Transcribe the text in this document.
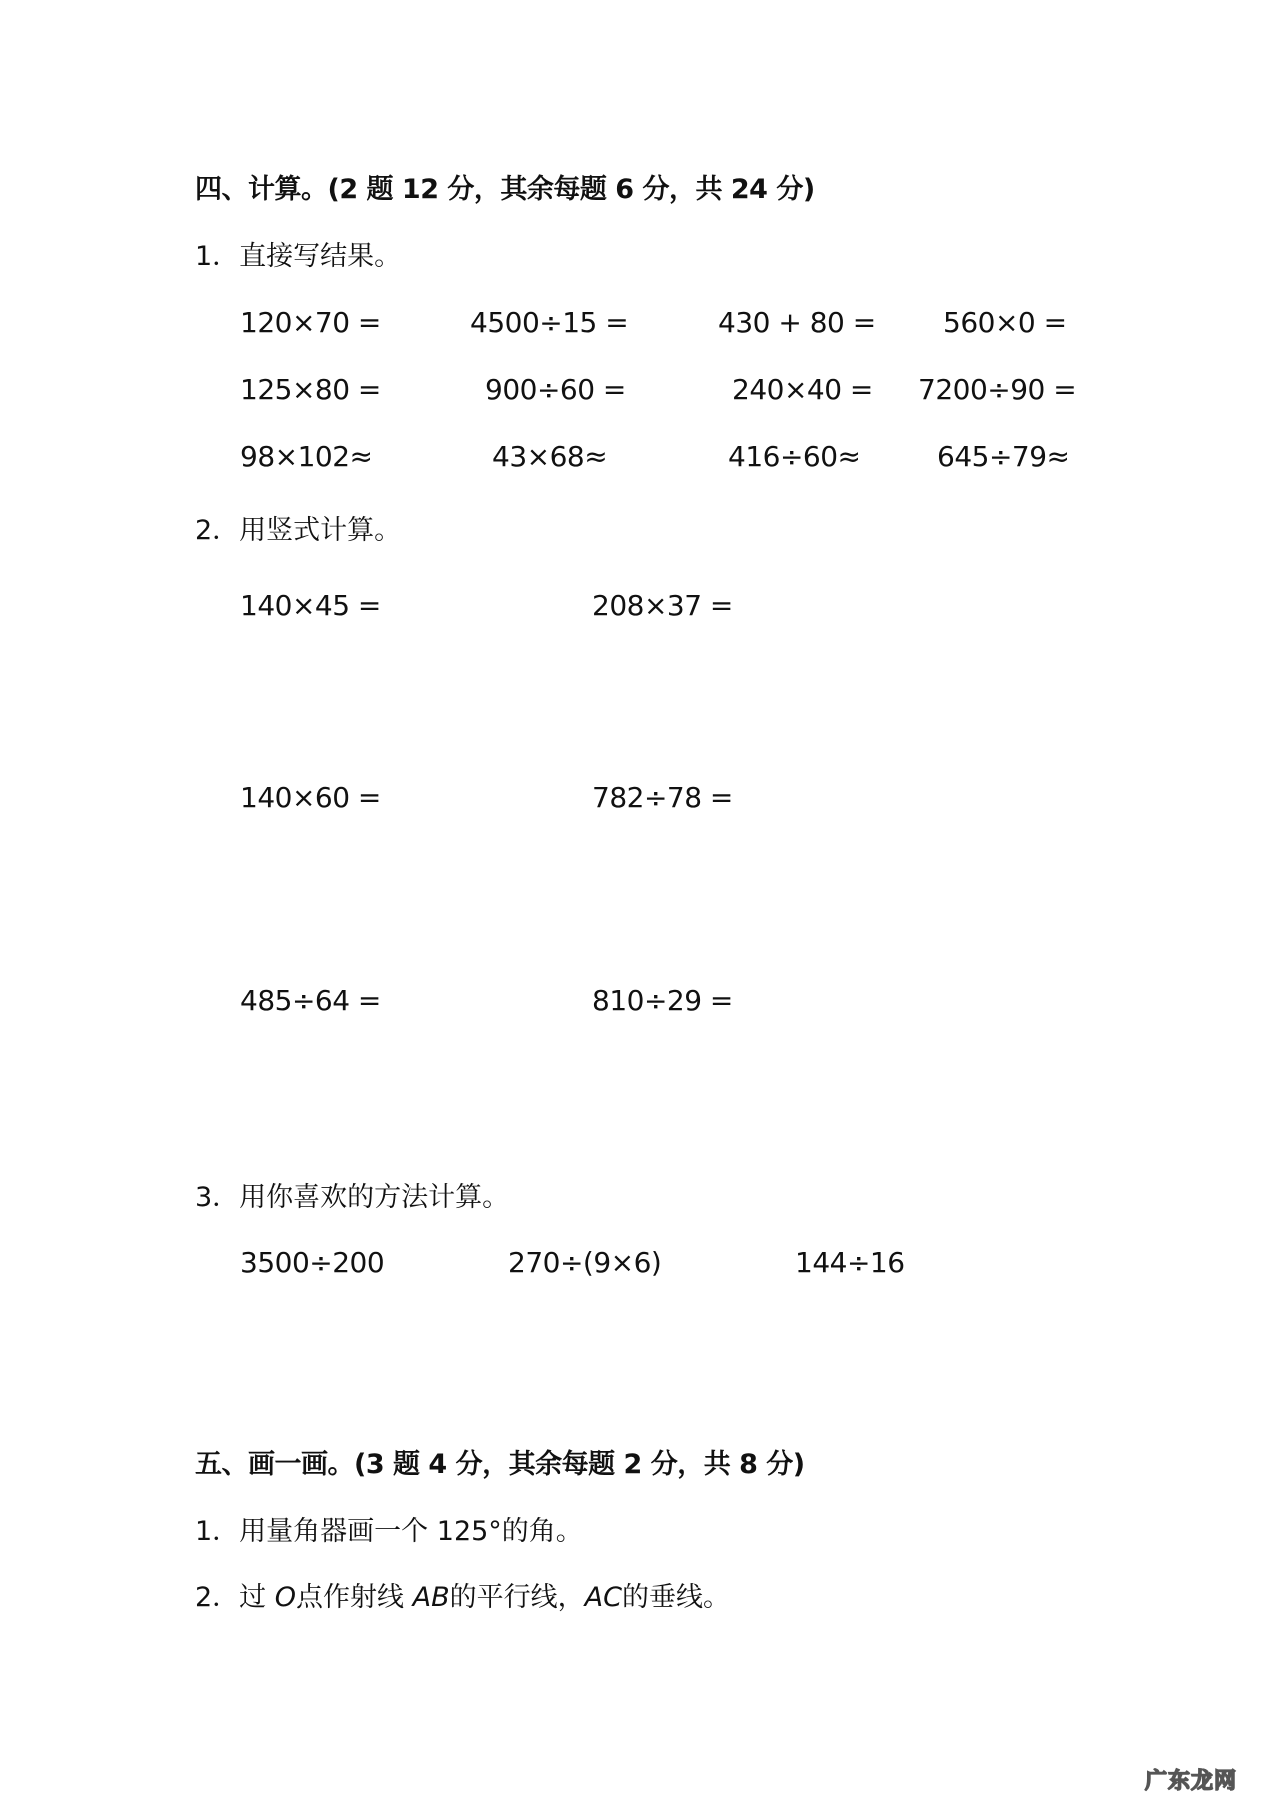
四、计算。(2 题 12 分，其余每题 6 分，共 24 分)
1．直接写结果。
120×70 =	4500÷15 =	430 + 80 = 560×0 =
125×80 =	900÷60 =	240×40 = 7200÷90 =
98×102≈	43×68≈	416÷60≈	645÷79≈
2．用竖式计算。
140×45 =	208×37 =
140×60 =	782÷78 =
485÷64 =	810÷29 =
3．用你喜欢的方法计算。
3500÷200	270÷(9×6)	144÷16
五、画一画。(3 题 4 分，其余每题 2 分，共 8 分)
1．用量角器画一个 125°的角。
2．过 O点作射线 AB的平行线，AC的垂线。
广东龙网
